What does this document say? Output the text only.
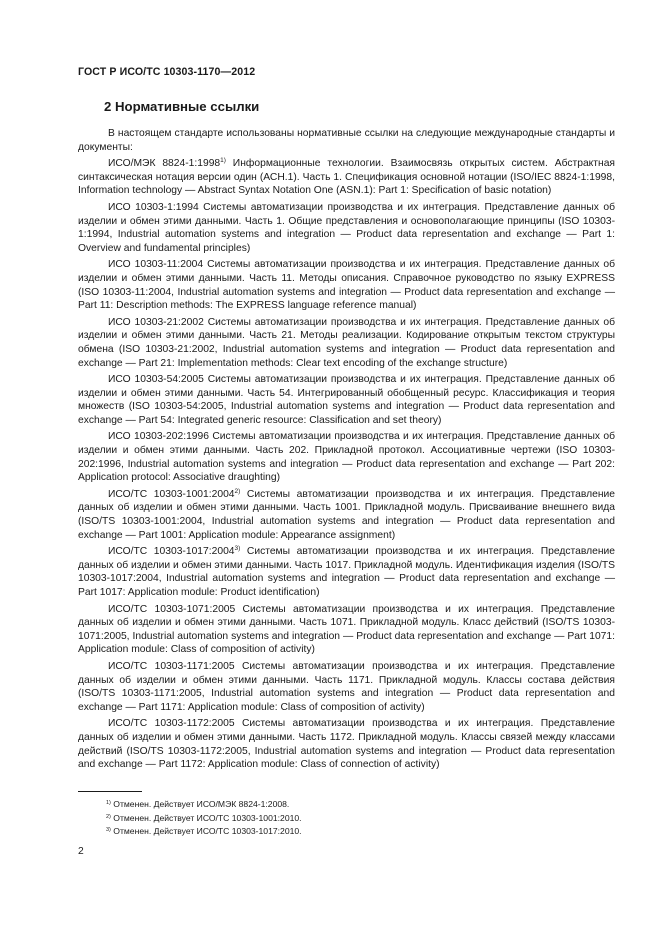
ГОСТ Р ИСО/ТС 10303-1170—2012
2 Нормативные ссылки

В настоящем стандарте использованы нормативные ссылки на следующие международные стандарты и документы:

ИСО/МЭК 8824-1:1998$^{1)}$ Информационные технологии. Взаимосвязь открытых систем. Абстрактная синтаксическая нотация версии один (АСН.1). Часть 1. Спецификация основной нотации (ISO/IEC 8824-1:1998, Information technology — Abstract Syntax Notation One (ASN.1): Part 1: Specification of basic notation)

ИСО 10303-1:1994 Системы автоматизации производства и их интеграция. Представление данных об изделии и обмен этими данными. Часть 1. Общие представления и основополагающие принципы (ISO 10303-1:1994, Industrial automation systems and integration — Product data representation and exchange — Part 1: Overview and fundamental principles)

ИСО 10303-11:2004 Системы автоматизации производства и их интеграция. Представление данных об изделии и обмен этими данными. Часть 11. Методы описания. Справочное руководство по языку EXPRESS (ISO 10303-11:2004, Industrial automation systems and integration — Product data representation and exchange — Part 11: Description methods: The EXPRESS language reference manual)

ИСО 10303-21:2002 Системы автоматизации производства и их интеграция. Представление данных об изделии и обмен этими данными. Часть 21. Методы реализации. Кодирование открытым текстом структуры обмена (ISO 10303-21:2002, Industrial automation systems and integration — Product data representation and exchange — Part 21: Implementation methods: Clear text encoding of the exchange structure)

ИСО 10303-54:2005 Системы автоматизации производства и их интеграция. Представление данных об изделии и обмен этими данными. Часть 54. Интегрированный обобщенный ресурс. Классификация и теория множеств (ISO 10303-54:2005, Industrial automation systems and integration — Product data representation and exchange — Part 54: Integrated generic resource: Classification and set theory)

ИСО 10303-202:1996 Системы автоматизации производства и их интеграция. Представление данных об изделии и обмен этими данными. Часть 202. Прикладной протокол. Ассоциативные чертежи (ISO 10303-202:1996, Industrial automation systems and integration — Product data representation and exchange — Part 202: Application protocol: Associative draughting)

ИСО/ТС 10303-1001:2004$^{2)}$ Системы автоматизации производства и их интеграция. Представление данных об изделии и обмен этими данными. Часть 1001. Прикладной модуль. Присваивание внешнего вида (ISO/TS 10303-1001:2004, Industrial automation systems and integration — Product data representation and exchange — Part 1001: Application module: Appearance assignment)

ИСО/ТС 10303-1017:2004$^{3)}$ Системы автоматизации производства и их интеграция. Представление данных об изделии и обмен этими данными. Часть 1017. Прикладной модуль. Идентификация изделия (ISO/TS 10303-1017:2004, Industrial automation systems and integration — Product data representation and exchange — Part 1017: Application module: Product identification)

ИСО/ТС 10303-1071:2005 Системы автоматизации производства и их интеграция. Представление данных об изделии и обмен этими данными. Часть 1071. Прикладной модуль. Класс действий (ISO/TS 10303-1071:2005, Industrial automation systems and integration — Product data representation and exchange — Part 1071: Application module: Class of composition of activity)

ИСО/ТС 10303-1171:2005 Системы автоматизации производства и их интеграция. Представление данных об изделии и обмен этими данными. Часть 1171. Прикладной модуль. Классы состава действия (ISO/TS 10303-1171:2005, Industrial automation systems and integration — Product data representation and exchange — Part 1171: Application module: Class of composition of activity)

ИСО/ТС 10303-1172:2005 Системы автоматизации производства и их интеграция. Представление данных об изделии и обмен этими данными. Часть 1172. Прикладной модуль. Классы связей между классами действий (ISO/TS 10303-1172:2005, Industrial automation systems and integration — Product data representation and exchange — Part 1172: Application module: Class of connection of activity)

$^{1)}$ Отменен. Действует ИСО/МЭК 8824-1:2008.
$^{2)}$ Отменен. Действует ИСО/ТС 10303-1001:2010.
$^{3)}$ Отменен. Действует ИСО/ТС 10303-1017:2010.
2
